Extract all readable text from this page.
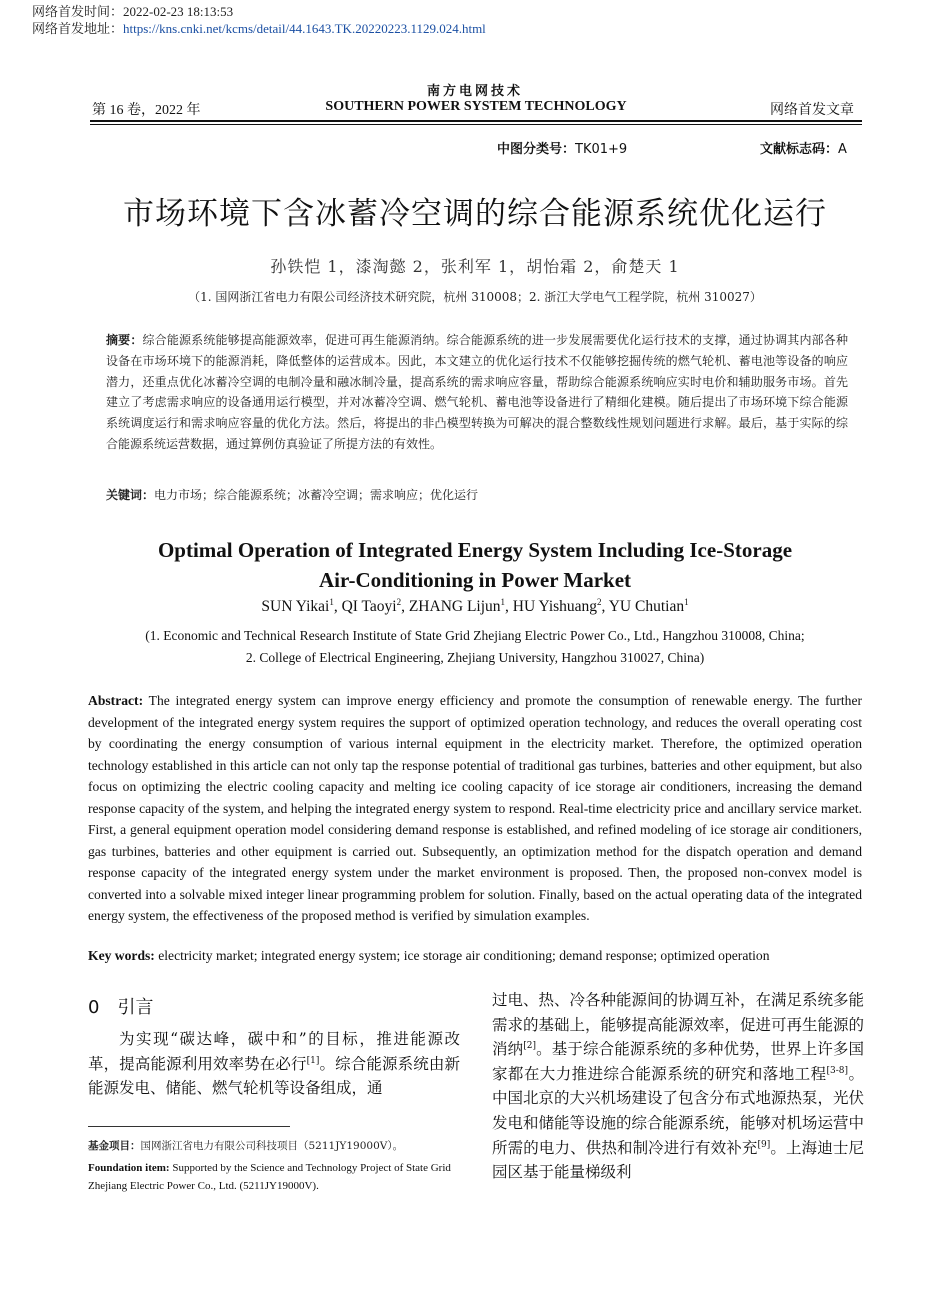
网络首发时间：2022-02-23 18:13:53
网络首发地址：https://kns.cnki.net/kcms/detail/44.1643.TK.20220223.1129.024.html
南方电网技术
第 16 卷，2022 年	SOUTHERN POWER SYSTEM TECHNOLOGY	网络首发文章
中图分类号：TK01+9	文献标志码：A
市场环境下含冰蓄冷空调的综合能源系统优化运行
孙铁恺 1，漆淘懿 2，张利军 1，胡怡霜 2，俞楚天 1
（1. 国网浙江省电力有限公司经济技术研究院，杭州 310008；2. 浙江大学电气工程学院，杭州 310027）
摘要：综合能源系统能够提高能源效率，促进可再生能源消纳。综合能源系统的进一步发展需要优化运行技术的支撑，通过协调其内部各种设备在市场环境下的能源消耗，降低整体的运营成本。因此，本文建立的优化运行技术不仅能够挖掘传统的燃气轮机、蓄电池等设备的响应潜力，还重点优化冰蓄冷空调的电制冷量和融冰制冷量，提高系统的需求响应容量，帮助综合能源系统响应实时电价和辅助服务市场。首先建立了考虑需求响应的设备通用运行模型，并对冰蓄冷空调、燃气轮机、蓄电池等设备进行了精细化建模。随后提出了市场环境下综合能源系统调度运行和需求响应容量的优化方法。然后，将提出的非凸模型转换为可解决的混合整数线性规划问题进行求解。最后，基于实际的综合能源系统运营数据，通过算例仿真验证了所提方法的有效性。
关键词：电力市场；综合能源系统；冰蓄冷空调；需求响应；优化运行
Optimal Operation of Integrated Energy System Including Ice-Storage
Air-Conditioning in Power Market
SUN Yikai$^1$, QI Taoyi$^2$, ZHANG Lijun$^1$, HU Yishuang$^2$, YU Chutian$^1$
(1. Economic and Technical Research Institute of State Grid Zhejiang Electric Power Co., Ltd., Hangzhou 310008, China;
2. College of Electrical Engineering, Zhejiang University, Hangzhou 310027, China)
Abstract: The integrated energy system can improve energy efficiency and promote the consumption of renewable energy. The further development of the integrated energy system requires the support of optimized operation technology, and reduces the overall operating cost by coordinating the energy consumption of various internal equipment in the electricity market. Therefore, the optimized operation technology established in this article can not only tap the response potential of traditional gas turbines, batteries and other equipment, but also focus on optimizing the electric cooling capacity and melting ice cooling capacity of ice storage air conditioners, increasing the demand response capacity of the system, and helping the integrated energy system to respond. Real-time electricity price and ancillary service market. First, a general equipment operation model considering demand response is established, and refined modeling of ice storage air conditioners, gas turbines, batteries and other equipment is carried out. Subsequently, an optimization method for the dispatch operation and demand response capacity of the integrated energy system under the market environment is proposed. Then, the proposed non-convex model is converted into a solvable mixed integer linear programming problem for solution. Finally, based on the actual operating data of the integrated energy system, the effectiveness of the proposed method is verified by simulation examples.
Key words: electricity market; integrated energy system; ice storage air conditioning; demand response; optimized operation
0 引言
为实现“碳达峰，碳中和”的目标，推进能源改革，提高能源利用效率势在必行[1]。综合能源系统由新能源发电、储能、燃气轮机等设备组成，通
过电、热、冷各种能源间的协调互补，在满足系统多能需求的基础上，能够提高能源效率，促进可再生能源的消纳[2]。基于综合能源系统的多种优势，世界上许多国家都在大力推进综合能源系统的研究和落地工程[3-8]。中国北京的大兴机场建设了包含分布式地源热泵，光伏发电和储能等设施的综合能源系统，能够对机场运营中所需的电力、供热和制冷进行有效补充[9]。上海迪士尼园区基于能量梯级利
基金项目：国网浙江省电力有限公司科技项目（5211JY19000V）。
Foundation item: Supported by the Science and Technology Project of State Grid Zhejiang Electric Power Co., Ltd. (5211JY19000V).
